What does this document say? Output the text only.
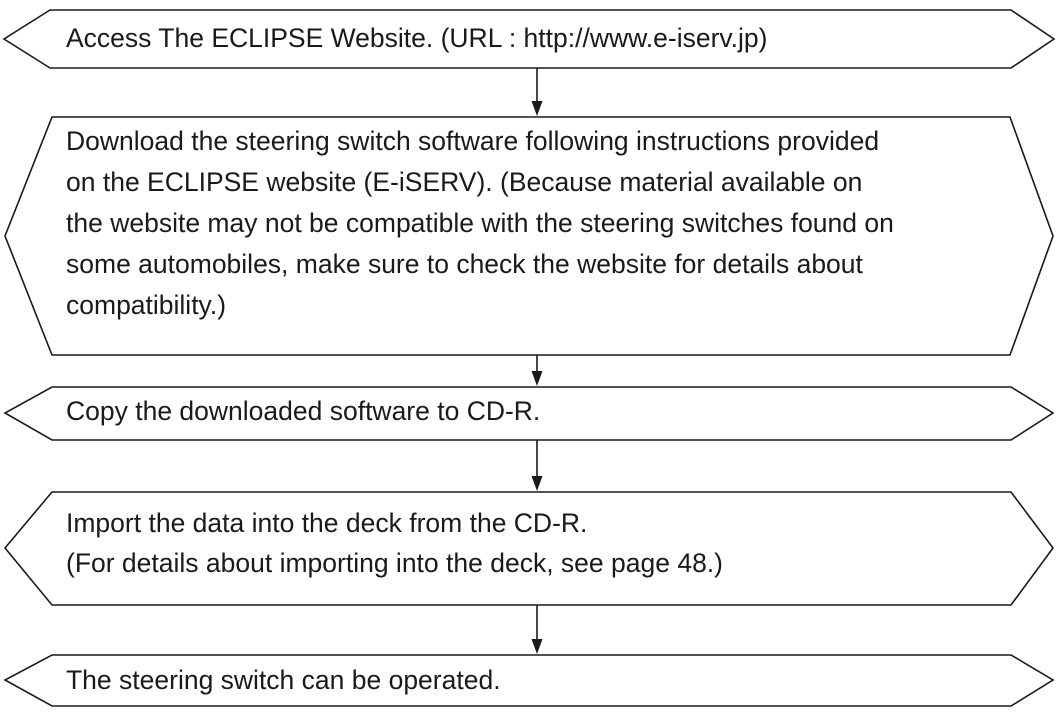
Access The ECLIPSE Website. (URL : http://www.e-iserv.jp)
Download the steering switch software following instructions provided
on the ECLIPSE website (E-iSERV). (Because material available on
the website may not be compatible with the steering switches found on
some automobiles, make sure to check the website for details about
compatibility.)
Copy the downloaded software to CD-R.
Import the data into the deck from the CD-R.
(For details about importing into the deck, see page 48.)
The steering switch can be operated.
